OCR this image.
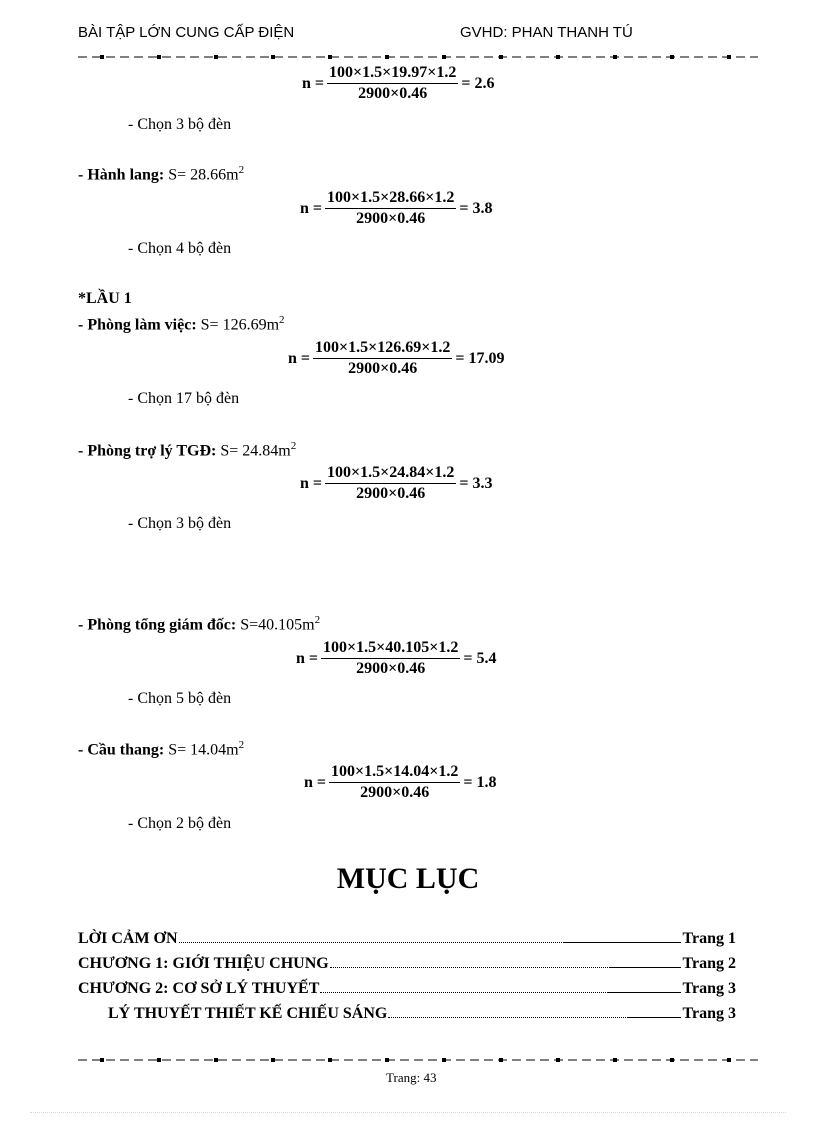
BÀI TẬP LỚN CUNG CẤP ĐIỆN	GVHD: PHAN THANH TÚ
$n = \frac{100\times 1.5\times 19.97\times 1.2}{2900\times 0.46} = 2.6$
- Chọn 3 bộ đèn
- Hành lang: $S= 28.66m^2$
$n = \frac{100\times 1.5\times 28.66\times 1.2}{2900\times 0.46} = 3.8$
- Chọn 4 bộ đèn
*LẦU 1
- Phòng làm việc: $S= 126.69m^2$
$n = \frac{100\times 1.5\times 126.69\times 1.2}{2900\times 0.46} = 17.09$
- Chọn 17 bộ đèn
- Phòng trợ lý TGĐ: $S= 24.84m^2$
$n = \frac{100\times 1.5\times 24.84\times 1.2}{2900\times 0.46} = 3.3$
- Chọn 3 bộ đèn
- Phòng tổng giám đốc: $S=40.105m^2$
$n = \frac{100\times 1.5\times 40.105\times 1.2}{2900\times 0.46} = 5.4$
- Chọn 5 bộ đèn
- Cầu thang: $S= 14.04m^2$
$n = \frac{100\times 1.5\times 14.04\times 1.2}{2900\times 0.46} = 1.8$
- Chọn 2 bộ đèn
MỤC LỤC
LỜI CẢM ƠN	Trang 1
CHƯƠNG 1: GIỚI THIỆU CHUNG	Trang 2
CHƯƠNG 2: CƠ SỞ LÝ THUYẾT	Trang 3
LÝ THUYẾT THIẾT KẾ CHIẾU SÁNG	Trang 3
Trang: 43
